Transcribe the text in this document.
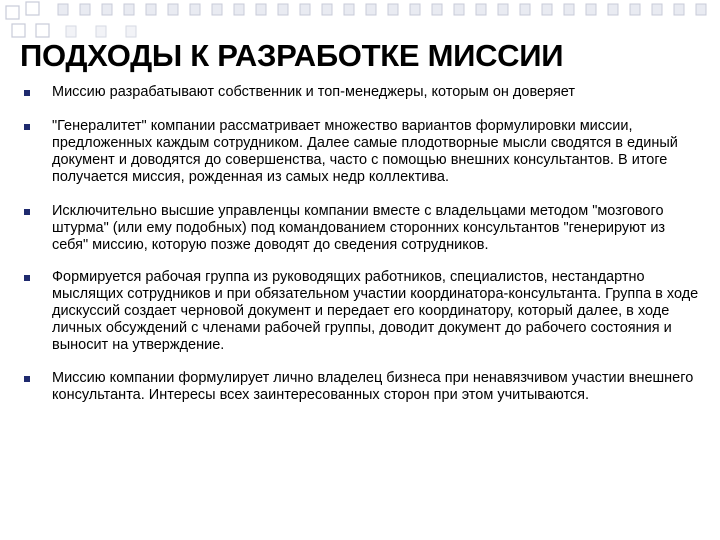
ПОДХОДЫ К РАЗРАБОТКЕ МИССИИ
Миссию разрабатывают собственник и топ-менеджеры, которым он доверяет
"Генералитет" компании рассматривает множество вариантов формулировки миссии, предложенных каждым сотрудником. Далее самые плодотворные мысли сводятся в единый документ и доводятся до совершенства, часто с помощью внешних консультантов. В итоге получается миссия, рожденная из самых недр коллектива.
Исключительно высшие управленцы компании вместе с владельцами методом "мозгового штурма" (или ему подобных) под командованием сторонних консультантов "генерируют из себя" миссию, которую позже доводят до сведения сотрудников.
Формируется рабочая группа из руководящих работников, специалистов, нестандартно мыслящих сотрудников и при обязательном участии координатора-консультанта. Группа в ходе дискуссий создает черновой документ и передает его координатору, который далее, в ходе личных обсуждений с членами рабочей группы, доводит документ до рабочего состояния и выносит на утверждение.
Миссию компании формулирует лично владелец бизнеса при ненавязчивом участии внешнего консультанта. Интересы всех заинтересованных сторон при этом учитываются.
